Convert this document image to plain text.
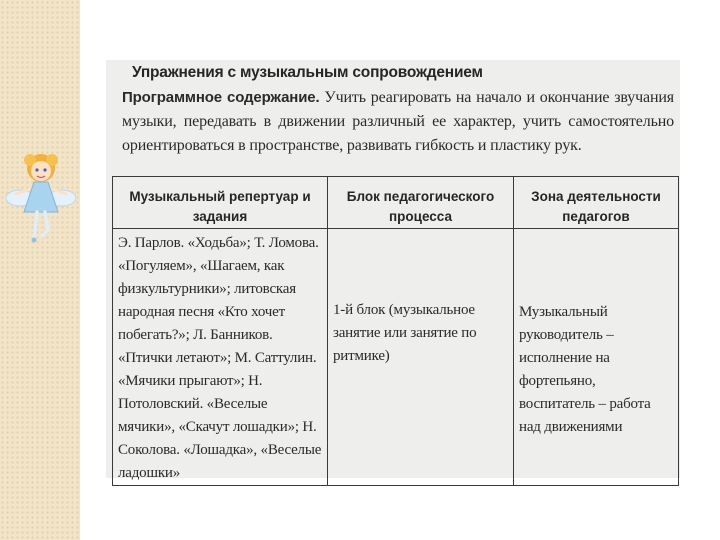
Упражнения с музыкальным сопровождением
Программное содержание. Учить реагировать на начало и окончание звучания музыки, передавать в движении различный ее характер, учить самостоятельно ориентироваться в пространстве, развивать гибкость и пластику рук.
Музыкальный репертуар и задания	Блок педагогического процесса	Зона деятельности педагогов
Э. Парлов. «Ходьба»; Т. Ломова. «Погуляем», «Шагаем, как физкультурники»; литовская народная песня «Кто хочет побегать?»; Л. Банников. «Птички летают»; М. Саттулин. «Мячики прыгают»; Н. Потоловский. «Веселые мячики», «Скачут лошадки»; Н. Соколова. «Лошадка», «Веселые ладошки»	1-й блок (музыкальное занятие или занятие по ритмике)	Музыкальный руководитель – исполнение на фортепьяно, воспитатель – работа над движениями
